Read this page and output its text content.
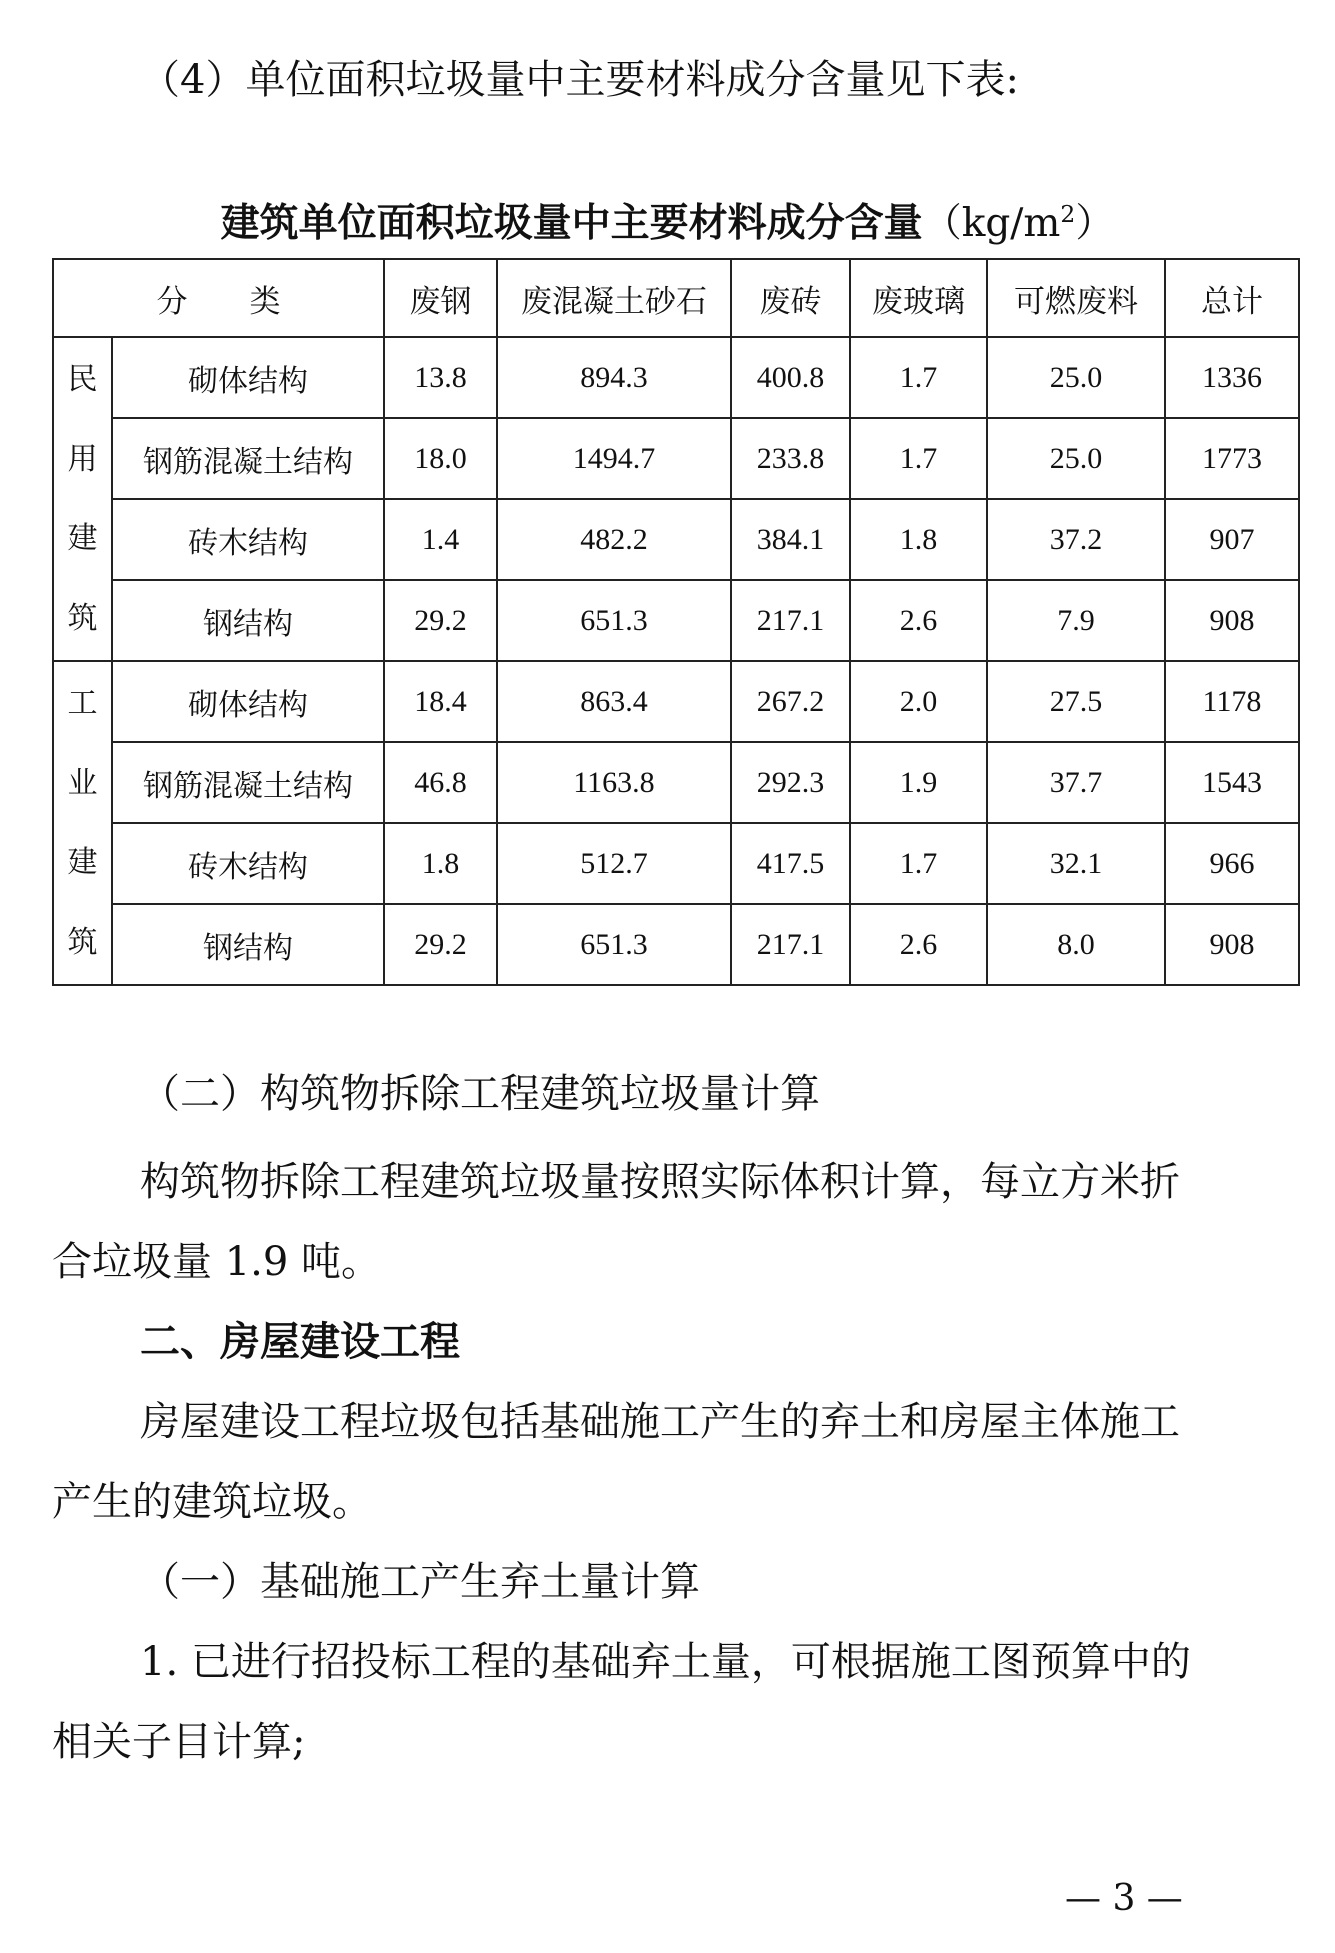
（4）单位面积垃圾量中主要材料成分含量见下表:
建筑单位面积垃圾量中主要材料成分含量$(kg/m^2)$
分　　类		废钢	废混凝土砂石	废砖	废玻璃	可燃废料	总计

民
用
建
筑	砌体结构	13.8	894.3	400.8	1.7	25.0	1336
	钢筋混凝土结构	18.0	1494.7	233.8	1.7	25.0	1773
	砖木结构	1.4	482.2	384.1	1.8	37.2	907
	钢结构	29.2	651.3	217.1	2.6	7.9	908

工
业
建
筑	砌体结构	18.4	863.4	267.2	2.0	27.5	1178
	钢筋混凝土结构	46.8	1163.8	292.3	1.9	37.7	1543
	砖木结构	1.8	512.7	417.5	1.7	32.1	966
	钢结构	29.2	651.3	217.1	2.6	8.0	908
（二）构筑物拆除工程建筑垃圾量计算
构筑物拆除工程建筑垃圾量按照实际体积计算，每立方米折
合垃圾量 1.9 吨。
二、房屋建设工程
房屋建设工程垃圾包括基础施工产生的弃土和房屋主体施工
产生的建筑垃圾。
（一）基础施工产生弃土量计算
1. 已进行招投标工程的基础弃土量，可根据施工图预算中的
相关子目计算;
— 3 —
